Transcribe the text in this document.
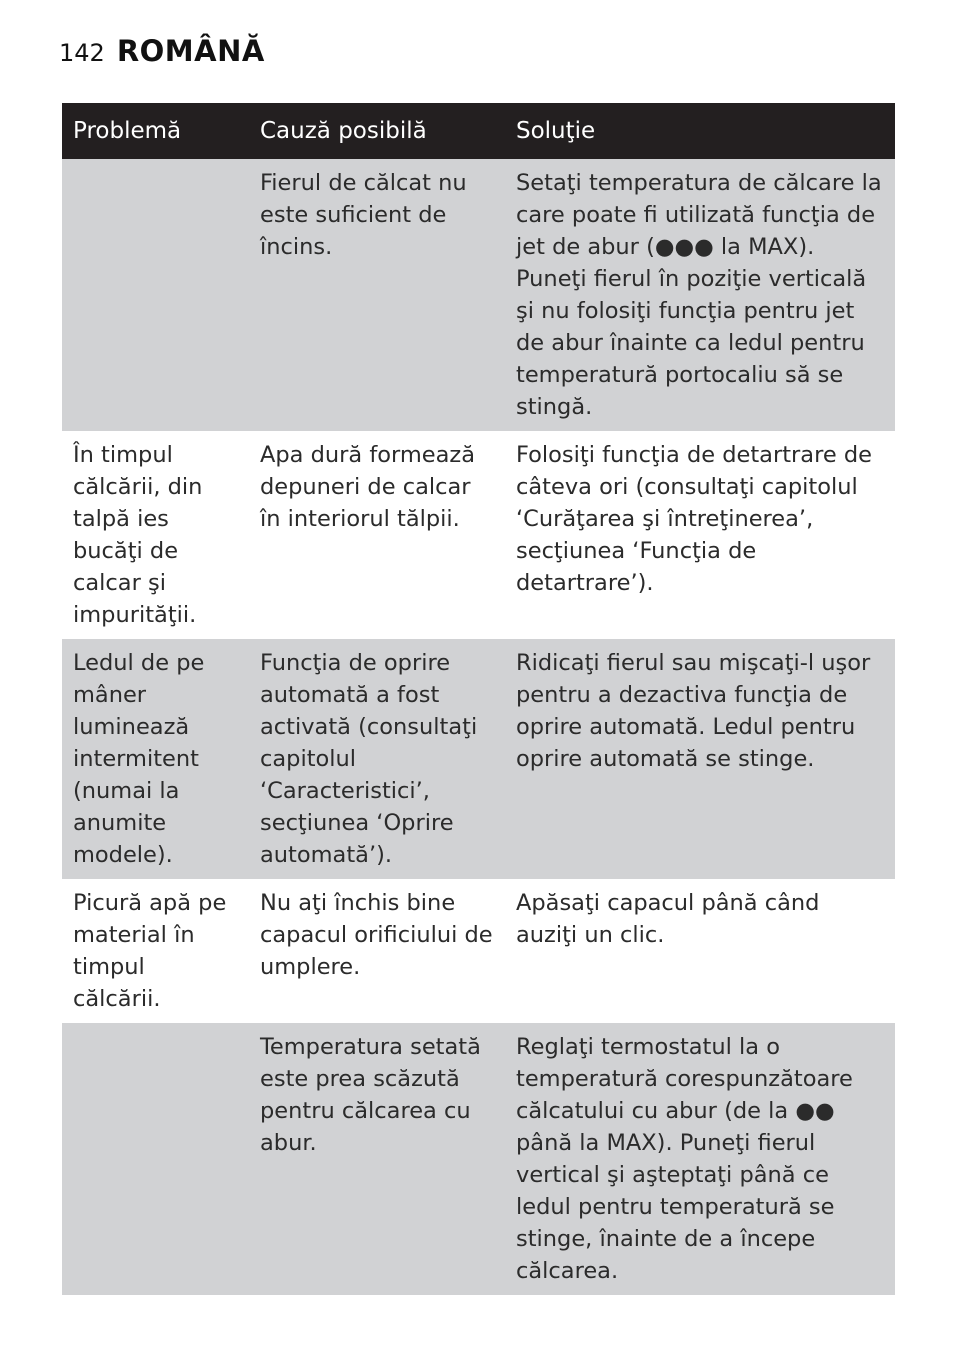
142 ROMÂNĂ
Problemă	Cauză posibilă	Soluţie
	Fierul de călcat nu este suficient de încins.	Setaţi temperatura de călcare la care poate fi utilizată funcţia de jet de abur (●●● la MAX). Puneţi fierul în poziţie verticală şi nu folosiţi funcţia pentru jet de abur înainte ca ledul pentru temperatură portocaliu să se stingă.
În timpul călcării, din talpă ies bucăţi de calcar şi impurităţii.	Apa dură formează depuneri de calcar în interiorul tălpii.	Folosiţi funcţia de detartrare de câteva ori (consultaţi capitolul ‘Curăţarea şi întreţinerea’, secţiunea ‘Funcţia de detartrare’).
Ledul de pe mâner luminează intermitent (numai la anumite modele).	Funcţia de oprire automată a fost activată (consultaţi capitolul ‘Caracteristici’, secţiunea ‘Oprire automată’).	Ridicaţi fierul sau mişcaţi-l uşor pentru a dezactiva funcţia de oprire automată. Ledul pentru oprire automată se stinge.
Picură apă pe material în timpul călcării.	Nu aţi închis bine capacul orificiului de umplere.	Apăsaţi capacul până când auziţi un clic.
	Temperatura setată este prea scăzută pentru călcarea cu abur.	Reglaţi termostatul la o temperatură corespunzătoare călcatului cu abur (de la ●● până la MAX). Puneţi fierul vertical şi aşteptaţi până ce ledul pentru temperatură se stinge, înainte de a începe călcarea.
